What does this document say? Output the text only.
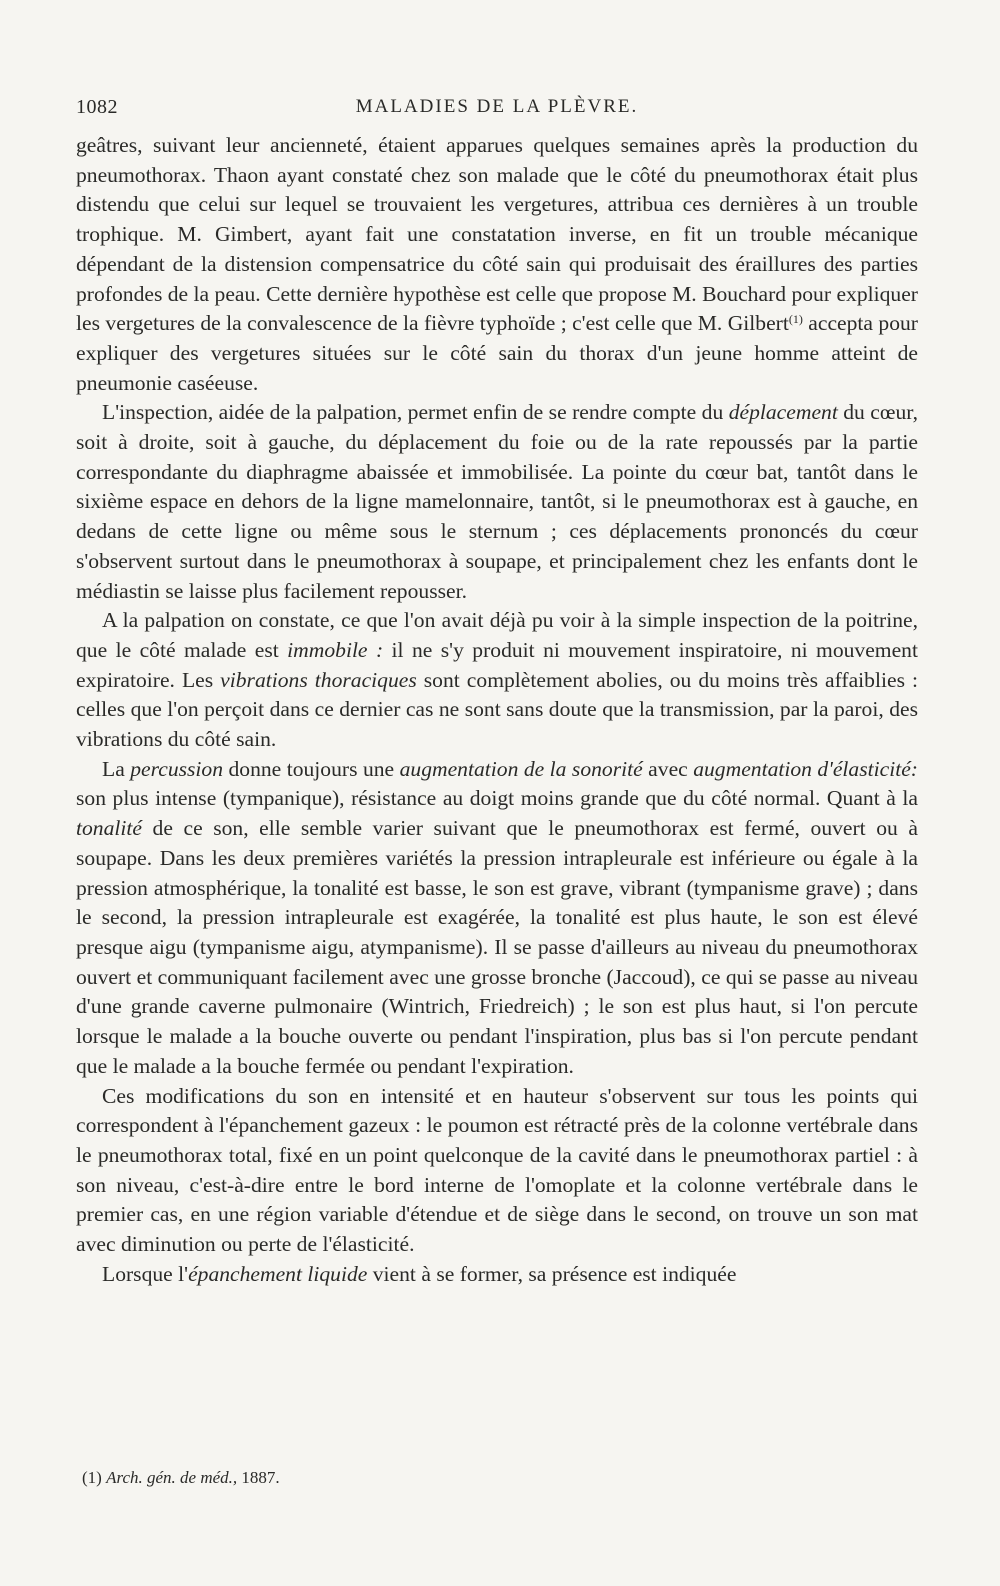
1082	MALADIES DE LA PLÈVRE.

geâtres, suivant leur ancienneté, étaient apparues quelques semaines après la production du pneumothorax. Thaon ayant constaté chez son malade que le côté du pneumothorax était plus distendu que celui sur lequel se trouvaient les vergetures, attribua ces dernières à un trouble trophique. M. Gimbert, ayant fait une constatation inverse, en fit un trouble mécanique dépendant de la distension compensatrice du côté sain qui produisait des éraillures des parties profondes de la peau. Cette dernière hypothèse est celle que propose M. Bouchard pour expliquer les vergetures de la convalescence de la fièvre typhoïde ; c'est celle que M. Gilbert$^{(1)}$ accepta pour expliquer des vergetures situées sur le côté sain du thorax d'un jeune homme atteint de pneumonie caséeuse.

L'inspection, aidée de la palpation, permet enfin de se rendre compte du déplacement du cœur, soit à droite, soit à gauche, du déplacement du foie ou de la rate repoussés par la partie correspondante du diaphragme abaissée et immobilisée. La pointe du cœur bat, tantôt dans le sixième espace en dehors de la ligne mamelonnaire, tantôt, si le pneumothorax est à gauche, en dedans de cette ligne ou même sous le sternum ; ces déplacements prononcés du cœur s'observent surtout dans le pneumothorax à soupape, et principalement chez les enfants dont le médiastin se laisse plus facilement repousser.

A la palpation on constate, ce que l'on avait déjà pu voir à la simple inspection de la poitrine, que le côté malade est immobile : il ne s'y produit ni mouvement inspiratoire, ni mouvement expiratoire. Les vibrations thoraciques sont complètement abolies, ou du moins très affaiblies : celles que l'on perçoit dans ce dernier cas ne sont sans doute que la transmission, par la paroi, des vibrations du côté sain.

La percussion donne toujours une augmentation de la sonorité avec augmentation d'élasticité: son plus intense (tympanique), résistance au doigt moins grande que du côté normal. Quant à la tonalité de ce son, elle semble varier suivant que le pneumothorax est fermé, ouvert ou à soupape. Dans les deux premières variétés la pression intrapleurale est inférieure ou égale à la pression atmosphérique, la tonalité est basse, le son est grave, vibrant (tympanisme grave) ; dans le second, la pression intrapleurale est exagérée, la tonalité est plus haute, le son est élevé presque aigu (tympanisme aigu, atympanisme). Il se passe d'ailleurs au niveau du pneumothorax ouvert et communiquant facilement avec une grosse bronche (Jaccoud), ce qui se passe au niveau d'une grande caverne pulmonaire (Wintrich, Friedreich) ; le son est plus haut, si l'on percute lorsque le malade a la bouche ouverte ou pendant l'inspiration, plus bas si l'on percute pendant que le malade a la bouche fermée ou pendant l'expiration.

Ces modifications du son en intensité et en hauteur s'observent sur tous les points qui correspondent à l'épanchement gazeux : le poumon est rétracté près de la colonne vertébrale dans le pneumothorax total, fixé en un point quelconque de la cavité dans le pneumothorax partiel : à son niveau, c'est-à-dire entre le bord interne de l'omoplate et la colonne vertébrale dans le premier cas, en une région variable d'étendue et de siège dans le second, on trouve un son mat avec diminution ou perte de l'élasticité.

Lorsque l'épanchement liquide vient à se former, sa présence est indiquée

(1) Arch. gén. de méd., 1887.
